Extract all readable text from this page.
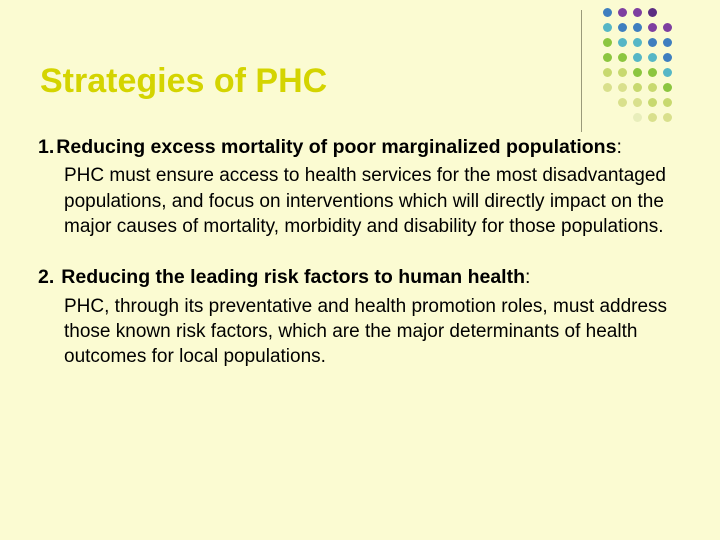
Strategies of PHC
1. Reducing excess mortality of poor marginalized populations:
PHC must ensure access to health services for the most disadvantaged populations, and focus on interventions which will directly impact on the major causes of mortality, morbidity and disability for those populations.
2. Reducing the leading risk factors to human health:
PHC, through its preventative and health promotion roles, must address those known risk factors, which are the major determinants of health outcomes for local populations.
